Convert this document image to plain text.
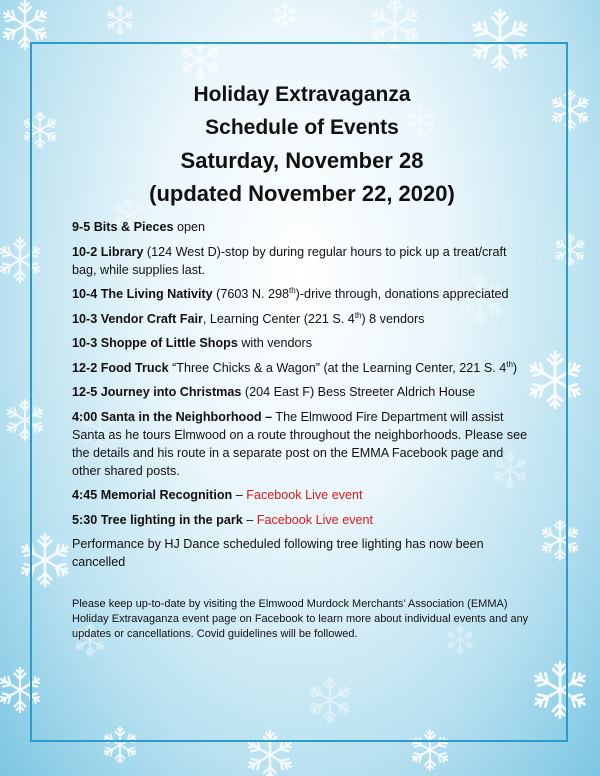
Holiday Extravaganza

Schedule of Events

Saturday, November 28

(updated November 22, 2020)

9-5 Bits & Pieces open

10-2 Library (124 West D)-stop by during regular hours to pick up a treat/craft bag, while supplies last.

10-4 The Living Nativity (7603 N. 298th)-drive through, donations appreciated

10-3 Vendor Craft Fair, Learning Center (221 S. 4th) 8 vendors

10-3 Shoppe of Little Shops with vendors

12-2 Food Truck “Three Chicks & a Wagon” (at the Learning Center, 221 S. 4th)

12-5 Journey into Christmas (204 East F) Bess Streeter Aldrich House

4:00 Santa in the Neighborhood – The Elmwood Fire Department will assist Santa as he tours Elmwood on a route throughout the neighborhoods. Please see the details and his route in a separate post on the EMMA Facebook page and other shared posts.

4:45 Memorial Recognition – Facebook Live event

5:30 Tree lighting in the park – Facebook Live event

Performance by HJ Dance scheduled following tree lighting has now been cancelled

Please keep up-to-date by visiting the Elmwood Murdock Merchants’ Association (EMMA) Holiday Extravaganza event page on Facebook to learn more about individual events and any updates or cancellations. Covid guidelines will be followed.
